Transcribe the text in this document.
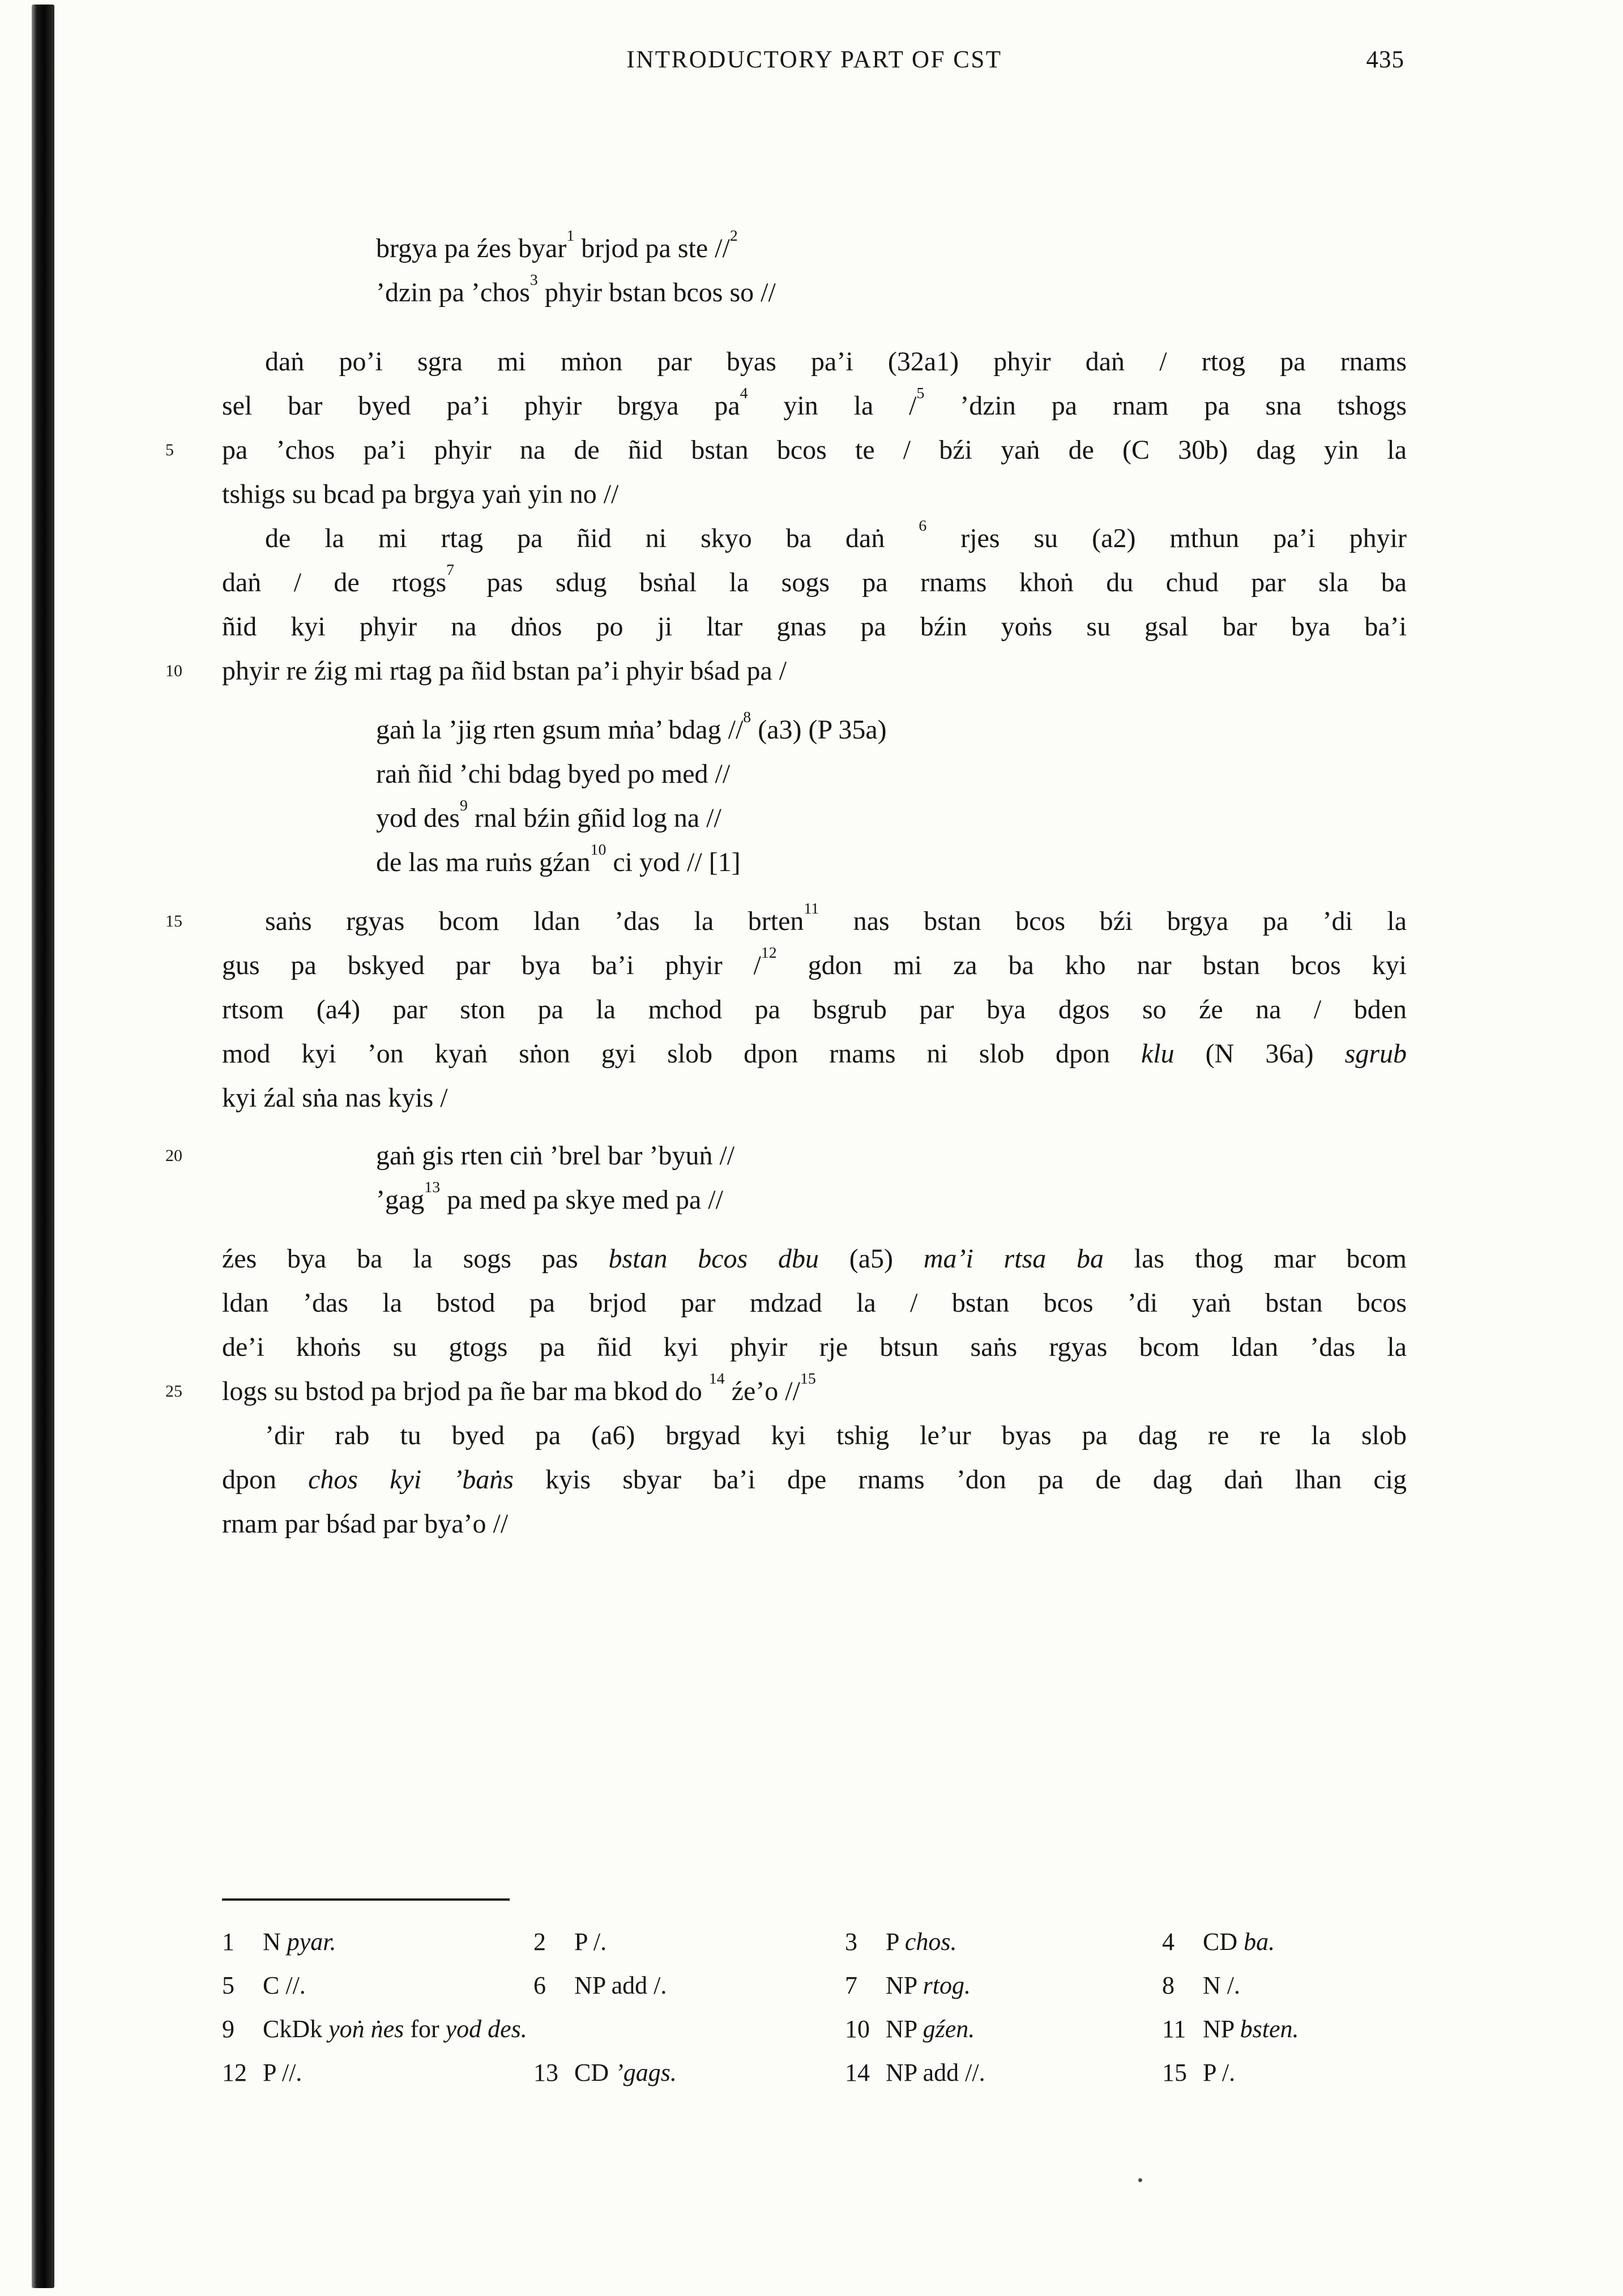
INTRODUCTORY PART OF CST	435
5
10
15
20
25
brgya pa źes byar$^1$ brjod pa ste //$^2$
’dzin pa ’chos$^3$ phyir bstan bcos so //
daṅ po’i sgra mi mṅon par byas pa’i (32a1) phyir daṅ / rtog pa rnams
sel bar byed pa’i phyir brgya $pa^4$ yin la /$^5$ ’dzin pa rnam pa sna tshogs
pa ’chos pa’i phyir na de ñid bstan bcos te / bźi yaṅ de (C 30b) dag yin la
tshigs su bcad pa brgya yaṅ yin no //
de la mi rtag pa ñid ni skyo ba daṅ $^6$ rjes su (a2) mthun pa’i phyir
daṅ / de rtogs$^7$ pas sdug bsṅal la sogs pa rnams khoṅ du chud par sla ba
ñid kyi phyir na dṅos po ji ltar gnas pa bźin yoṅs su gsal bar bya ba’i
phyir re źig mi rtag pa ñid bstan pa’i phyir bśad pa /
gaṅ la ’jig rten gsum mṅa’ bdag //$^8$ (a3) (P 35a)
raṅ ñid ’chi bdag byed po med //
yod des$^9$ rnal bźin gñid log na //
de las ma ruṅs gźan$^{10}$ ci yod // [1]
saṅs rgyas bcom ldan ’das la brten$^{11}$ nas bstan bcos bźi brgya pa ’di la
gus pa bskyed par bya ba’i phyir /$^{12}$ gdon mi za ba kho nar bstan bcos kyi
rtsom (a4) par ston pa la mchod pa bsgrub par bya dgos so źe na / bden
mod kyi ’on kyaṅ sṅon gyi slob dpon rnams ni slob dpon klu (N 36a) sgrub
kyi źal sṅa nas kyis /
gaṅ gis rten ciṅ ’brel bar ’byuṅ //
’gag$^{13}$ pa med pa skye med pa //
źes bya ba la sogs pas bstan bcos dbu (a5) ma’i rtsa ba las thog mar bcom
ldan ’das la bstod pa brjod par mdzad la / bstan bcos ’di yaṅ bstan bcos
de’i khoṅs su gtogs pa ñid kyi phyir rje btsun saṅs rgyas bcom ldan ’das la
logs su bstod pa brjod pa ñe bar ma bkod do $^{14}$ źe’o //$^{15}$
’dir rab tu byed pa (a6) brgyad kyi tshig le’ur byas pa dag re re la slob
dpon chos kyi ’baṅs kyis sbyar ba’i dpe rnams ’don pa de dag daṅ lhan cig
rnam par bśad par bya’o //
1 N pyar.	2 P /.	3 P chos.	4 CD ba.
5 C //.	6 NP add /.	7 NP rtog.	8 N /.
9 CkDk yoṅ ṅes for yod des.	10 NP gźen.	11 NP bsten.
12 P //.	13 CD ’gags.	14 NP add //.	15 P /.
